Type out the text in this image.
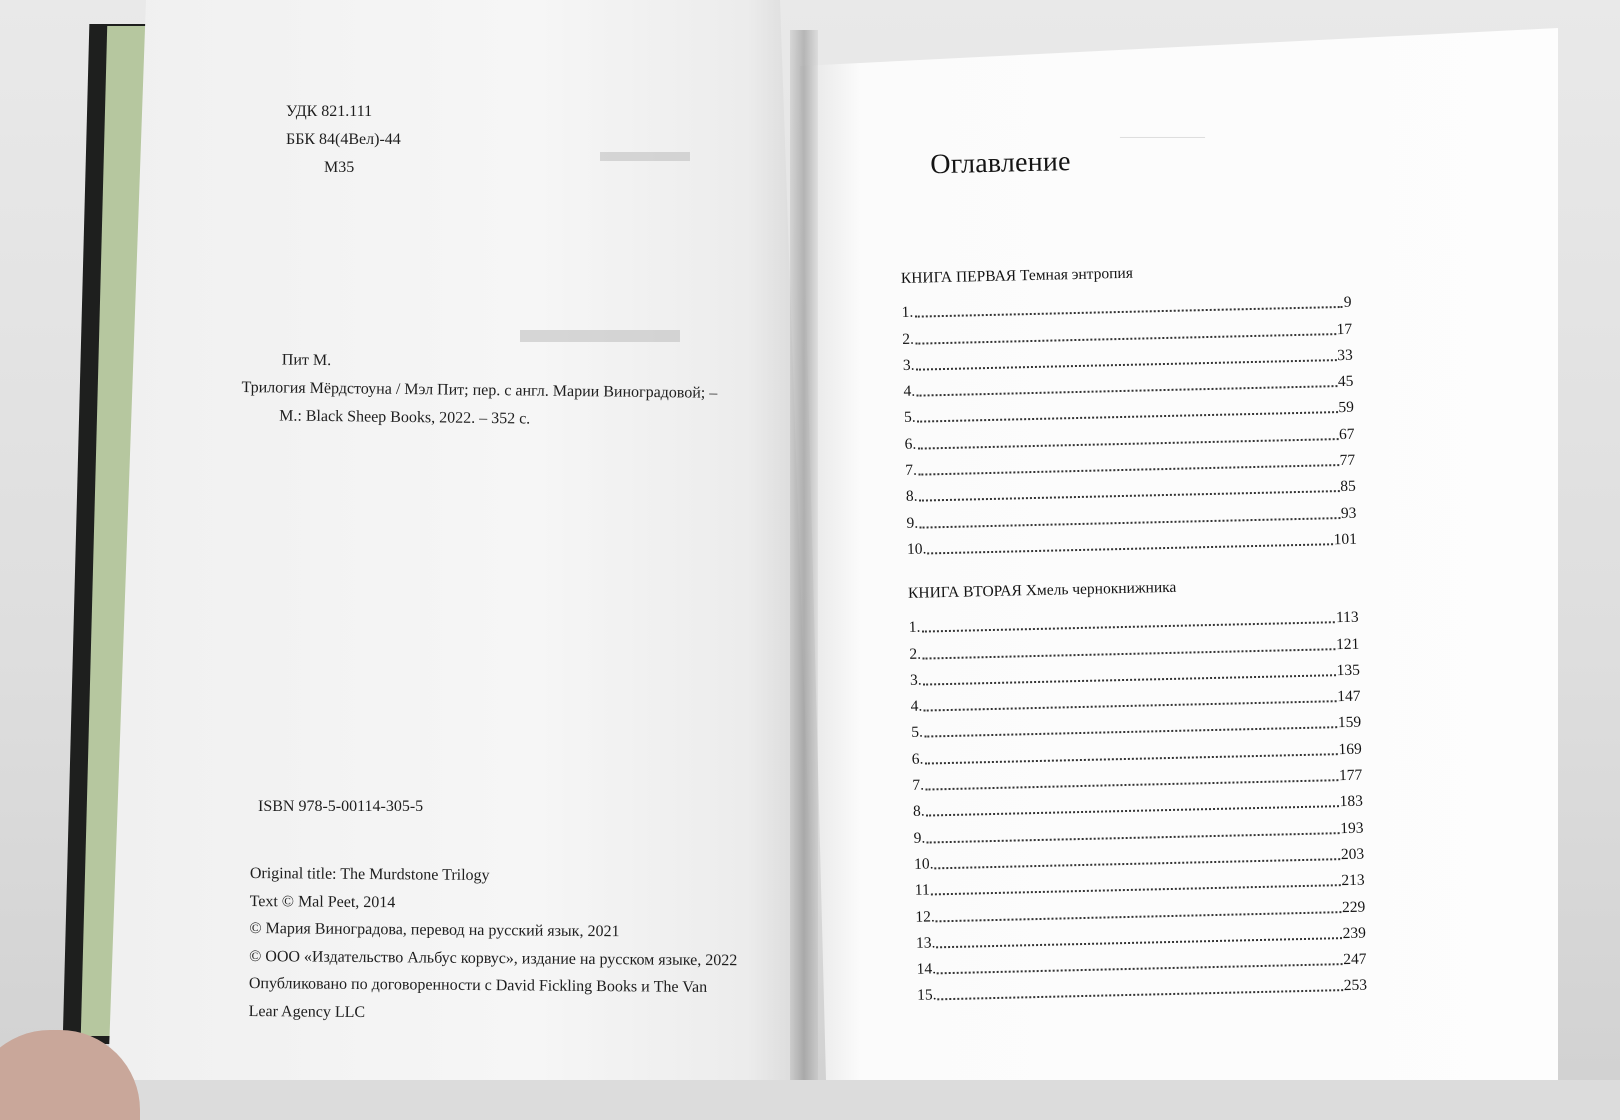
▬▬▬
▬▬▬▬
──────────
УДК 821.111
ББК 84(4Вел)-44
М35
Пит М.
Трилогия Мёрдстоуна / Мэл Пит; пер. с англ. Марии Виноградовой; –
М.: Black Sheep Books, 2022. – 352 с.
ISBN 978-5-00114-305-5
Original title: The Murdstone Trilogy
Text © Mal Peet, 2014
© Мария Виноградова, перевод на русский язык, 2021
© ООО «Издательство Альбус корвус», издание на русском языке, 2022
Опубликовано по договоренности с David Fickling Books и The Van
Lear Agency LLC
Оглавление
КНИГА ПЕРВАЯ Темная энтропия
1.
9
2.
17
3.
33
4.
45
5.
59
6.
67
7.
77
8.
85
9.
93
10.
101
КНИГА ВТОРАЯ Хмель чернокнижника
1.
113
2.
121
3.
135
4.
147
5.
159
6.
169
7.
177
8.
183
9.
193
10.
203
11
213
12.
229
13.
239
14.
247
15.
253
